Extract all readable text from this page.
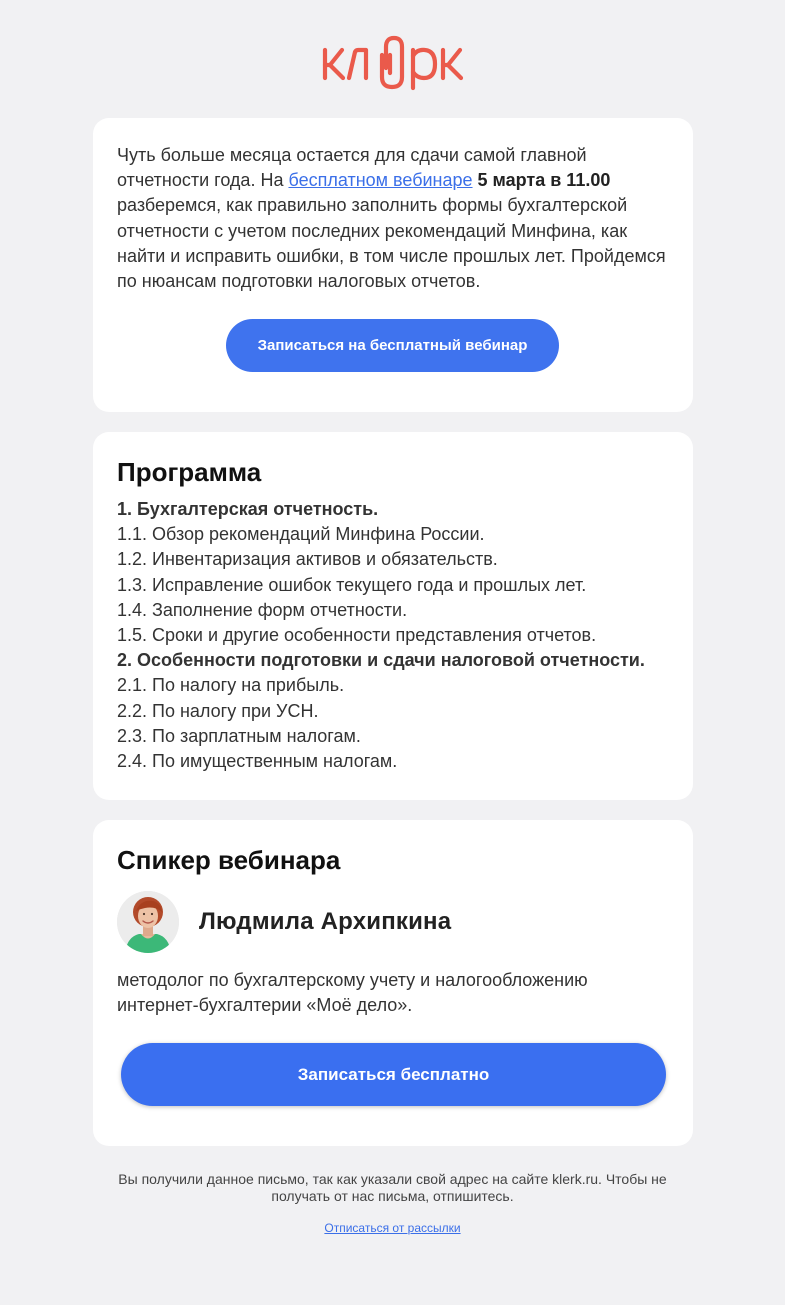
Чуть больше месяца остается для сдачи самой главной отчетности года. На бесплатном вебинаре 5 марта в 11.00 разберемся, как правильно заполнить формы бухгалтерской отчетности с учетом последних рекомендаций Минфина, как найти и исправить ошибки, в том числе прошлых лет. Пройдемся по нюансам подготовки налоговых отчетов.

Записаться на бесплатный вебинар
Программа
1. Бухгалтерская отчетность.
1.1. Обзор рекомендаций Минфина России.
1.2. Инвентаризация активов и обязательств.
1.3. Исправление ошибок текущего года и прошлых лет.
1.4. Заполнение форм отчетности.
1.5. Сроки и другие особенности представления отчетов.
2. Особенности подготовки и сдачи налоговой отчетности.
2.1. По налогу на прибыль.
2.2. По налогу при УСН.
2.3. По зарплатным налогам.
2.4. По имущественным налогам.
Спикер вебинара
Людмила Архипкина

методолог по бухгалтерскому учету и налогообложению интернет-бухгалтерии «Моё дело».

Записаться бесплатно

Вы получили данное письмо, так как указали свой адрес на сайте klerk.ru. Чтобы не получать от нас письма, отпишитесь.

Отписаться от рассылки
